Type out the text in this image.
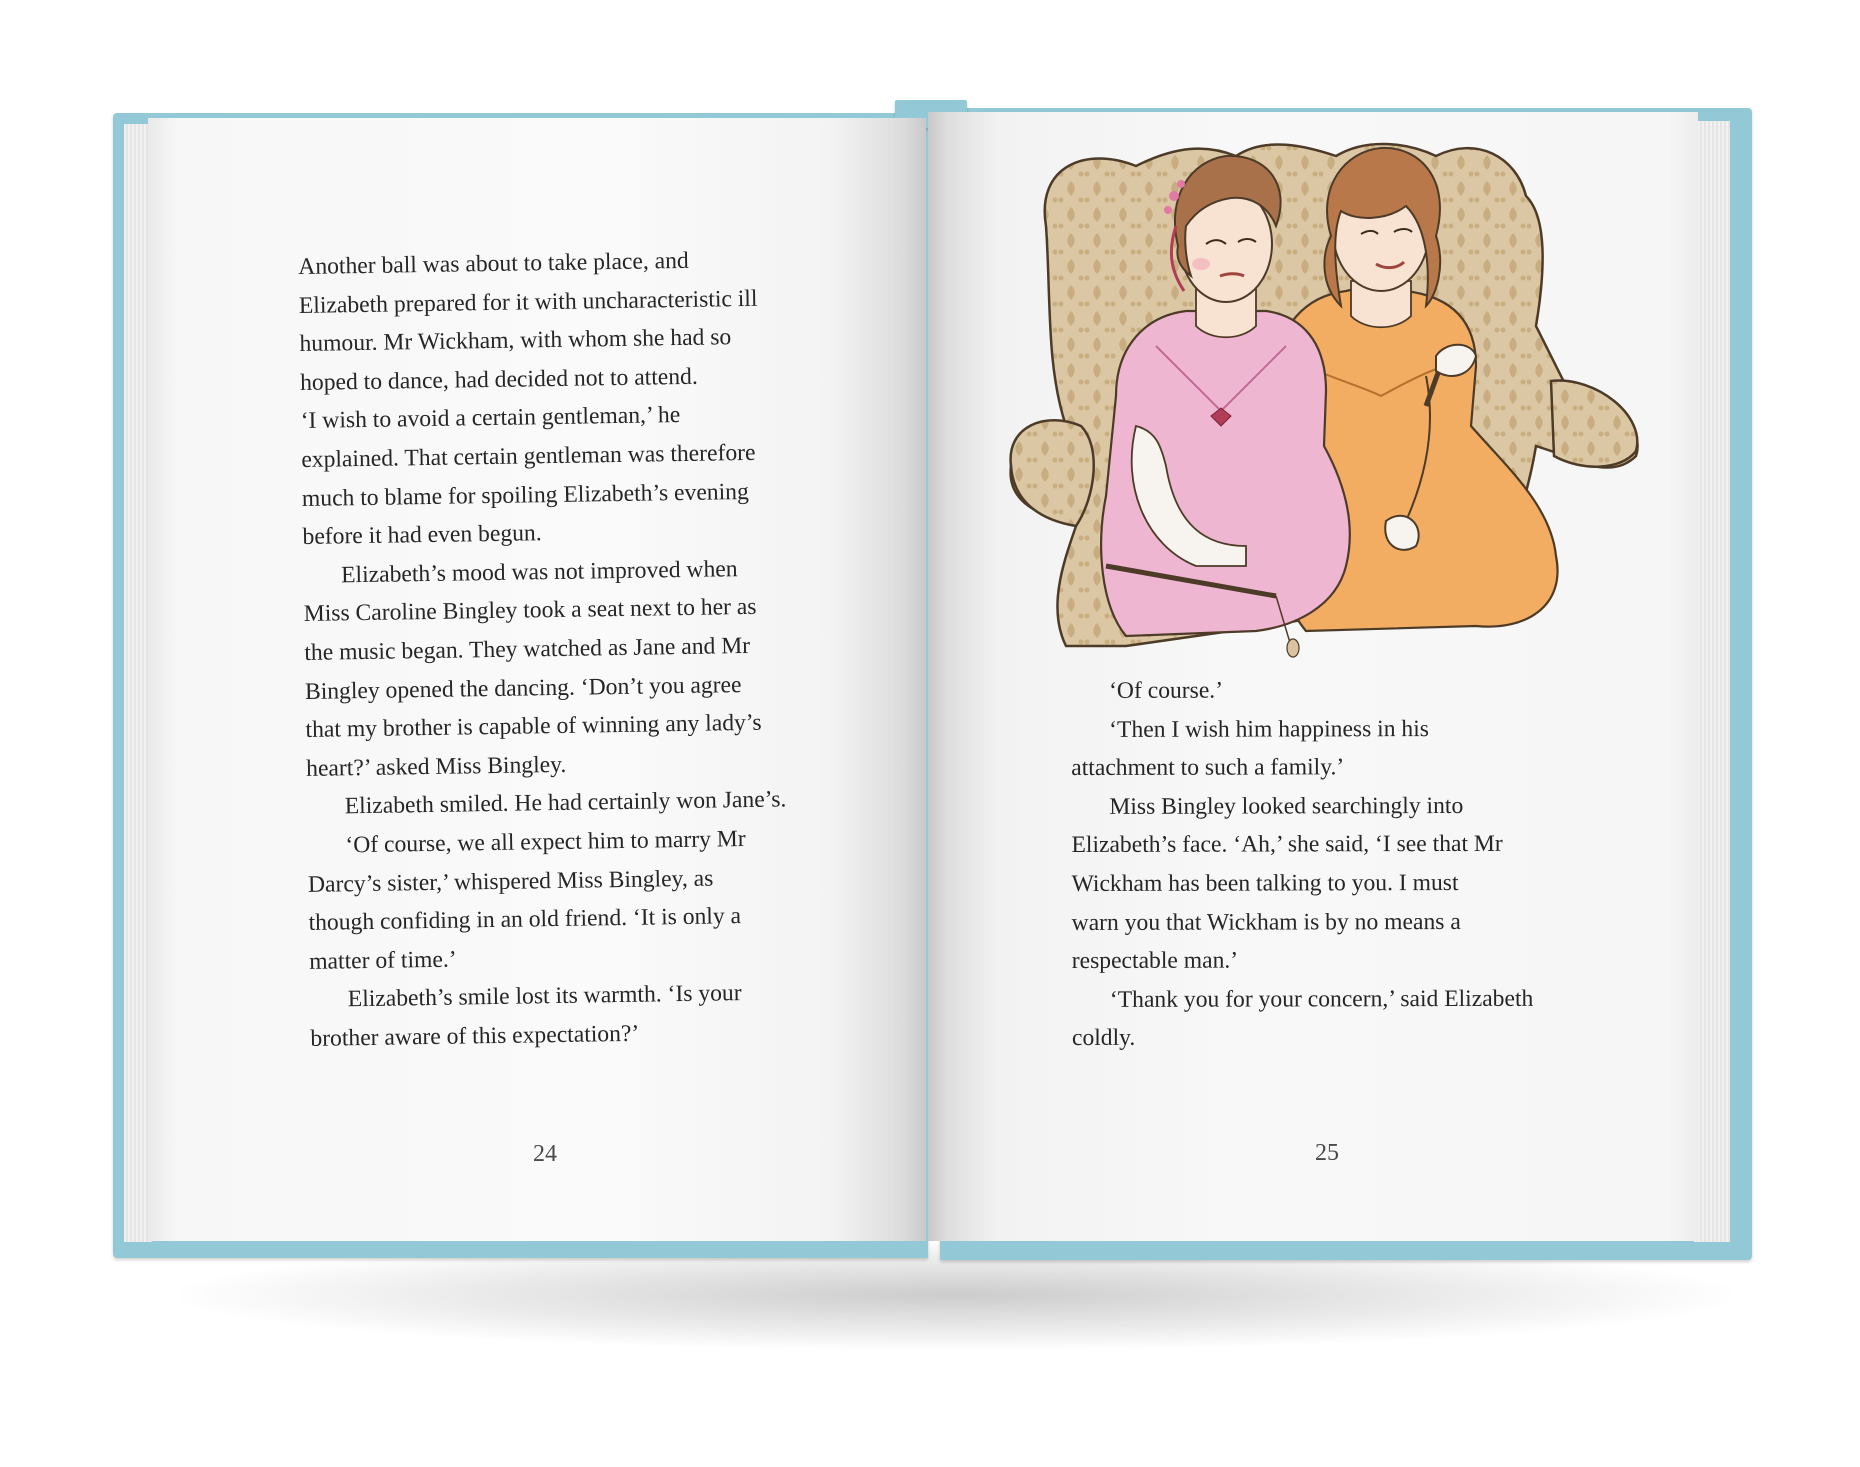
Another ball was about to take place, and

Elizabeth prepared for it with uncharacteristic ill

humour. Mr Wickham, with whom she had so

hoped to dance, had decided not to attend.

‘I wish to avoid a certain gentleman,’ he

explained. That certain gentleman was therefore

much to blame for spoiling Elizabeth’s evening

before it had even begun.

Elizabeth’s mood was not improved when

Miss Caroline Bingley took a seat next to her as

the music began. They watched as Jane and Mr

Bingley opened the dancing. ‘Don’t you agree

that my brother is capable of winning any lady’s

heart?’ asked Miss Bingley.

Elizabeth smiled. He had certainly won Jane’s.

‘Of course, we all expect him to marry Mr

Darcy’s sister,’ whispered Miss Bingley, as

though confiding in an old friend. ‘It is only a

matter of time.’

Elizabeth’s smile lost its warmth. ‘Is your

brother aware of this expectation?’

24

‘Of course.’

‘Then I wish him happiness in his

attachment to such a family.’

Miss Bingley looked searchingly into

Elizabeth’s face. ‘Ah,’ she said, ‘I see that Mr

Wickham has been talking to you. I must

warn you that Wickham is by no means a

respectable man.’

‘Thank you for your concern,’ said Elizabeth

coldly.

25
